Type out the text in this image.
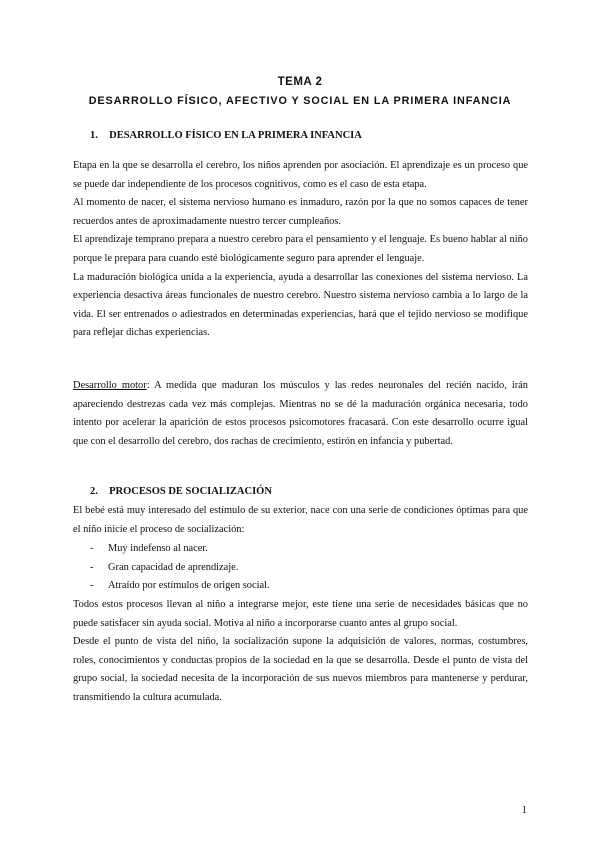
TEMA 2
DESARROLLO FÍSICO, AFECTIVO Y SOCIAL EN LA PRIMERA INFANCIA
1. DESARROLLO FÍSICO EN LA PRIMERA INFANCIA

Etapa en la que se desarrolla el cerebro, los niños aprenden por asociación. El aprendizaje es un proceso que se puede dar independiente de los procesos cognitivos, como es el caso de esta etapa.

Al momento de nacer, el sistema nervioso humano es inmaduro, razón por la que no somos capaces de tener recuerdos antes de aproximadamente nuestro tercer cumpleaños.

El aprendizaje temprano prepara a nuestro cerebro para el pensamiento y el lenguaje. Es bueno hablar al niño porque le prepara para cuando esté biológicamente seguro para aprender el lenguaje.

La maduración biológica unida a la experiencia, ayuda a desarrollar las conexiones del sistema nervioso. La experiencia desactiva áreas funcionales de nuestro cerebro. Nuestro sistema nervioso cambia a lo largo de la vida. El ser entrenados o adiestrados en determinadas experiencias, hará que el tejido nervioso se modifique para reflejar dichas experiencias.

Desarrollo motor: A medida que maduran los músculos y las redes neuronales del recién nacido, irán apareciendo destrezas cada vez más complejas. Mientras no se dé la maduración orgánica necesaria, todo intento por acelerar la aparición de estos procesos psicomotores fracasará. Con este desarrollo ocurre igual que con el desarrollo del cerebro, dos rachas de crecimiento, estirón en infancia y pubertad.

2. PROCESOS DE SOCIALIZACIÓN

El bebé está muy interesado del estímulo de su exterior, nace con una serie de condiciones óptimas para que el niño inicie el proceso de socialización:

-	Muy indefenso al nacer.
-	Gran capacidad de aprendizaje.
-	Atraído por estímulos de origen social.

Todos estos procesos llevan al niño a integrarse mejor, este tiene una serie de necesidades básicas que no puede satisfacer sin ayuda social. Motiva al niño a incorporarse cuanto antes al grupo social.

Desde el punto de vista del niño, la socialización supone la adquisición de valores, normas, costumbres, roles, conocimientos y conductas propios de la sociedad en la que se desarrolla. Desde el punto de vista del grupo social, la sociedad necesita de la incorporación de sus nuevos miembros para mantenerse y perdurar, transmitiendo la cultura acumulada.

1
